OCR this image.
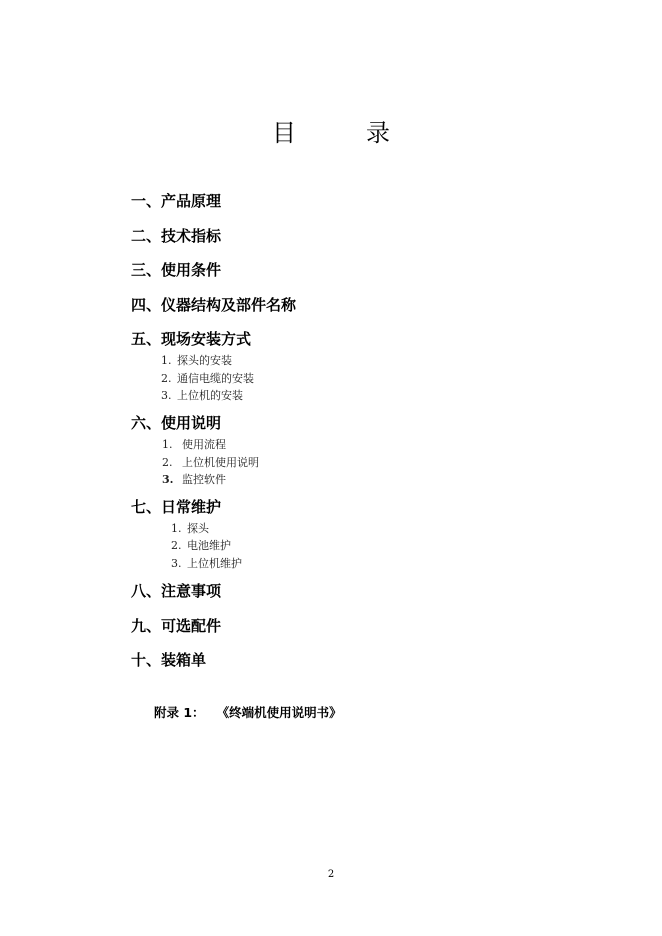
目	录
一、产品原理
二、技术指标
三、使用条件
四、仪器结构及部件名称
五、现场安装方式
1. 探头的安装
2. 通信电缆的安装
3. 上位机的安装
六、使用说明
1. 使用流程
2. 上位机使用说明
3. 监控软件
七、日常维护
1. 探头
2. 电池维护
3. 上位机维护
八、注意事项
九、可选配件
十、装箱单
附录 1： 《终端机使用说明书》
2
